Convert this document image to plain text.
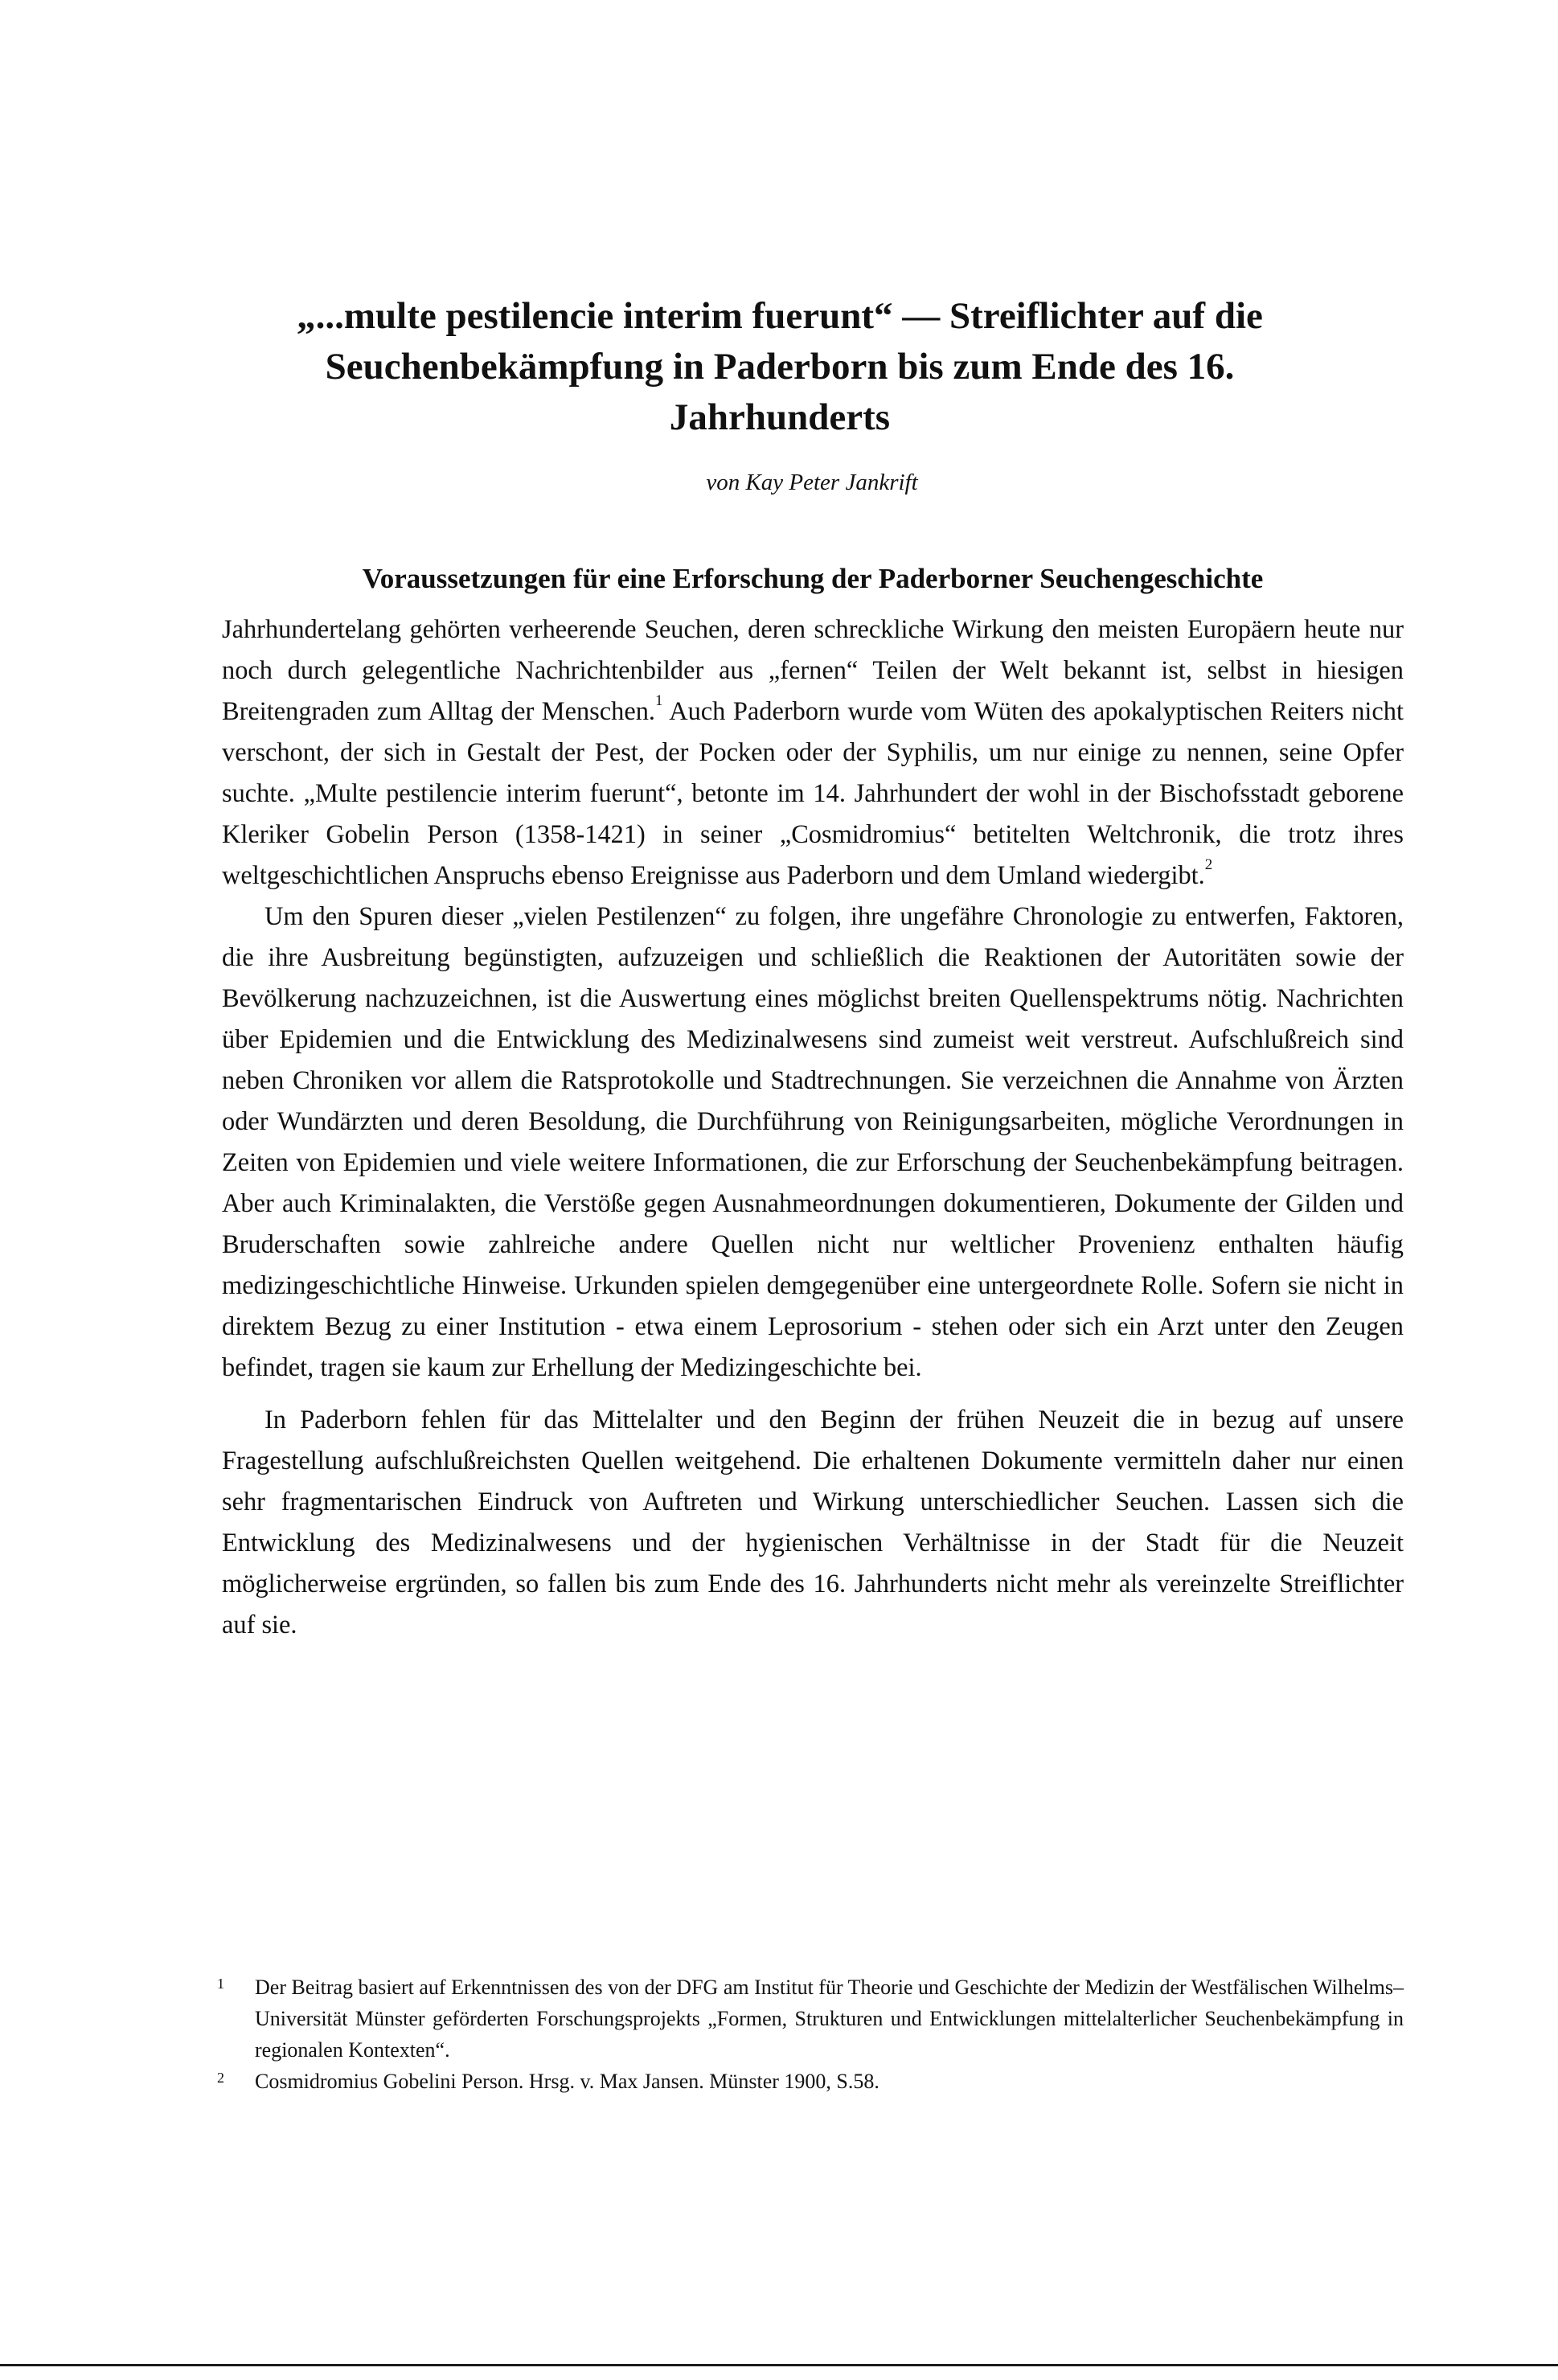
„...multe pestilencie interim fuerunt“ — Streiflichter auf die
Seuchenbekämpfung in Paderborn bis zum Ende des 16.
Jahrhunderts

von Kay Peter Jankrift

Voraussetzungen für eine Erforschung der Paderborner Seuchengeschichte

Jahrhundertelang gehörten verheerende Seuchen, deren schreckliche Wirkung den meisten Europäern heute nur noch durch gelegentliche Nachrichtenbilder aus „fernen“ Teilen der Welt bekannt ist, selbst in hiesigen Breitengraden zum Alltag der Menschen.$^1$ Auch Paderborn wurde vom Wüten des apokalyptischen Reiters nicht verschont, der sich in Gestalt der Pest, der Pocken oder der Syphilis, um nur einige zu nennen, seine Opfer suchte. „Multe pestilencie interim fuerunt“, betonte im 14. Jahrhundert der wohl in der Bischofsstadt geborene Kleriker Gobelin Person (1358-1421) in seiner „Cosmidromius“ betitelten Weltchronik, die trotz ihres weltgeschichtlichen Anspruchs ebenso Ereignisse aus Paderborn und dem Umland wiedergibt.$^2$

Um den Spuren dieser „vielen Pestilenzen“ zu folgen, ihre ungefähre Chronologie zu entwerfen, Faktoren, die ihre Ausbreitung begünstigten, aufzuzeigen und schließlich die Reaktionen der Autoritäten sowie der Bevölkerung nachzuzeichnen, ist die Auswertung eines möglichst breiten Quellenspektrums nötig. Nachrichten über Epidemien und die Entwicklung des Medizinalwesens sind zumeist weit verstreut. Aufschlußreich sind neben Chroniken vor allem die Ratsprotokolle und Stadtrechnungen. Sie verzeichnen die Annahme von Ärzten oder Wundärzten und deren Besoldung, die Durchführung von Reinigungsarbeiten, mögliche Verordnungen in Zeiten von Epidemien und viele weitere Informationen, die zur Erforschung der Seuchenbekämpfung beitragen. Aber auch Kriminalakten, die Verstöße gegen Ausnahmeordnungen dokumentieren, Dokumente der Gilden und Bruderschaften sowie zahlreiche andere Quellen nicht nur weltlicher Provenienz enthalten häufig medizingeschichtliche Hinweise. Urkunden spielen demgegenüber eine untergeordnete Rolle. Sofern sie nicht in direktem Bezug zu einer Institution - etwa einem Leprosorium - stehen oder sich ein Arzt unter den Zeugen befindet, tragen sie kaum zur Erhellung der Medizingeschichte bei.

In Paderborn fehlen für das Mittelalter und den Beginn der frühen Neuzeit die in bezug auf unsere Fragestellung aufschlußreichsten Quellen weitgehend. Die erhaltenen Dokumente vermitteln daher nur einen sehr fragmentarischen Eindruck von Auftreten und Wirkung unterschiedlicher Seuchen. Lassen sich die Entwicklung des Medizinalwesens und der hygienischen Verhältnisse in der Stadt für die Neuzeit möglicherweise ergründen, so fallen bis zum Ende des 16. Jahrhunderts nicht mehr als vereinzelte Streiflichter auf sie.

1	Der Beitrag basiert auf Erkenntnissen des von der DFG am Institut für Theorie und Geschichte der Medizin der Westfälischen Wilhelms–Universität Münster geförderten Forschungsprojekts „Formen, Strukturen und Entwicklungen mittelalterlicher Seuchenbekämpfung in regionalen Kontexten“.
2	Cosmidromius Gobelini Person. Hrsg. v. Max Jansen. Münster 1900, S.58.
